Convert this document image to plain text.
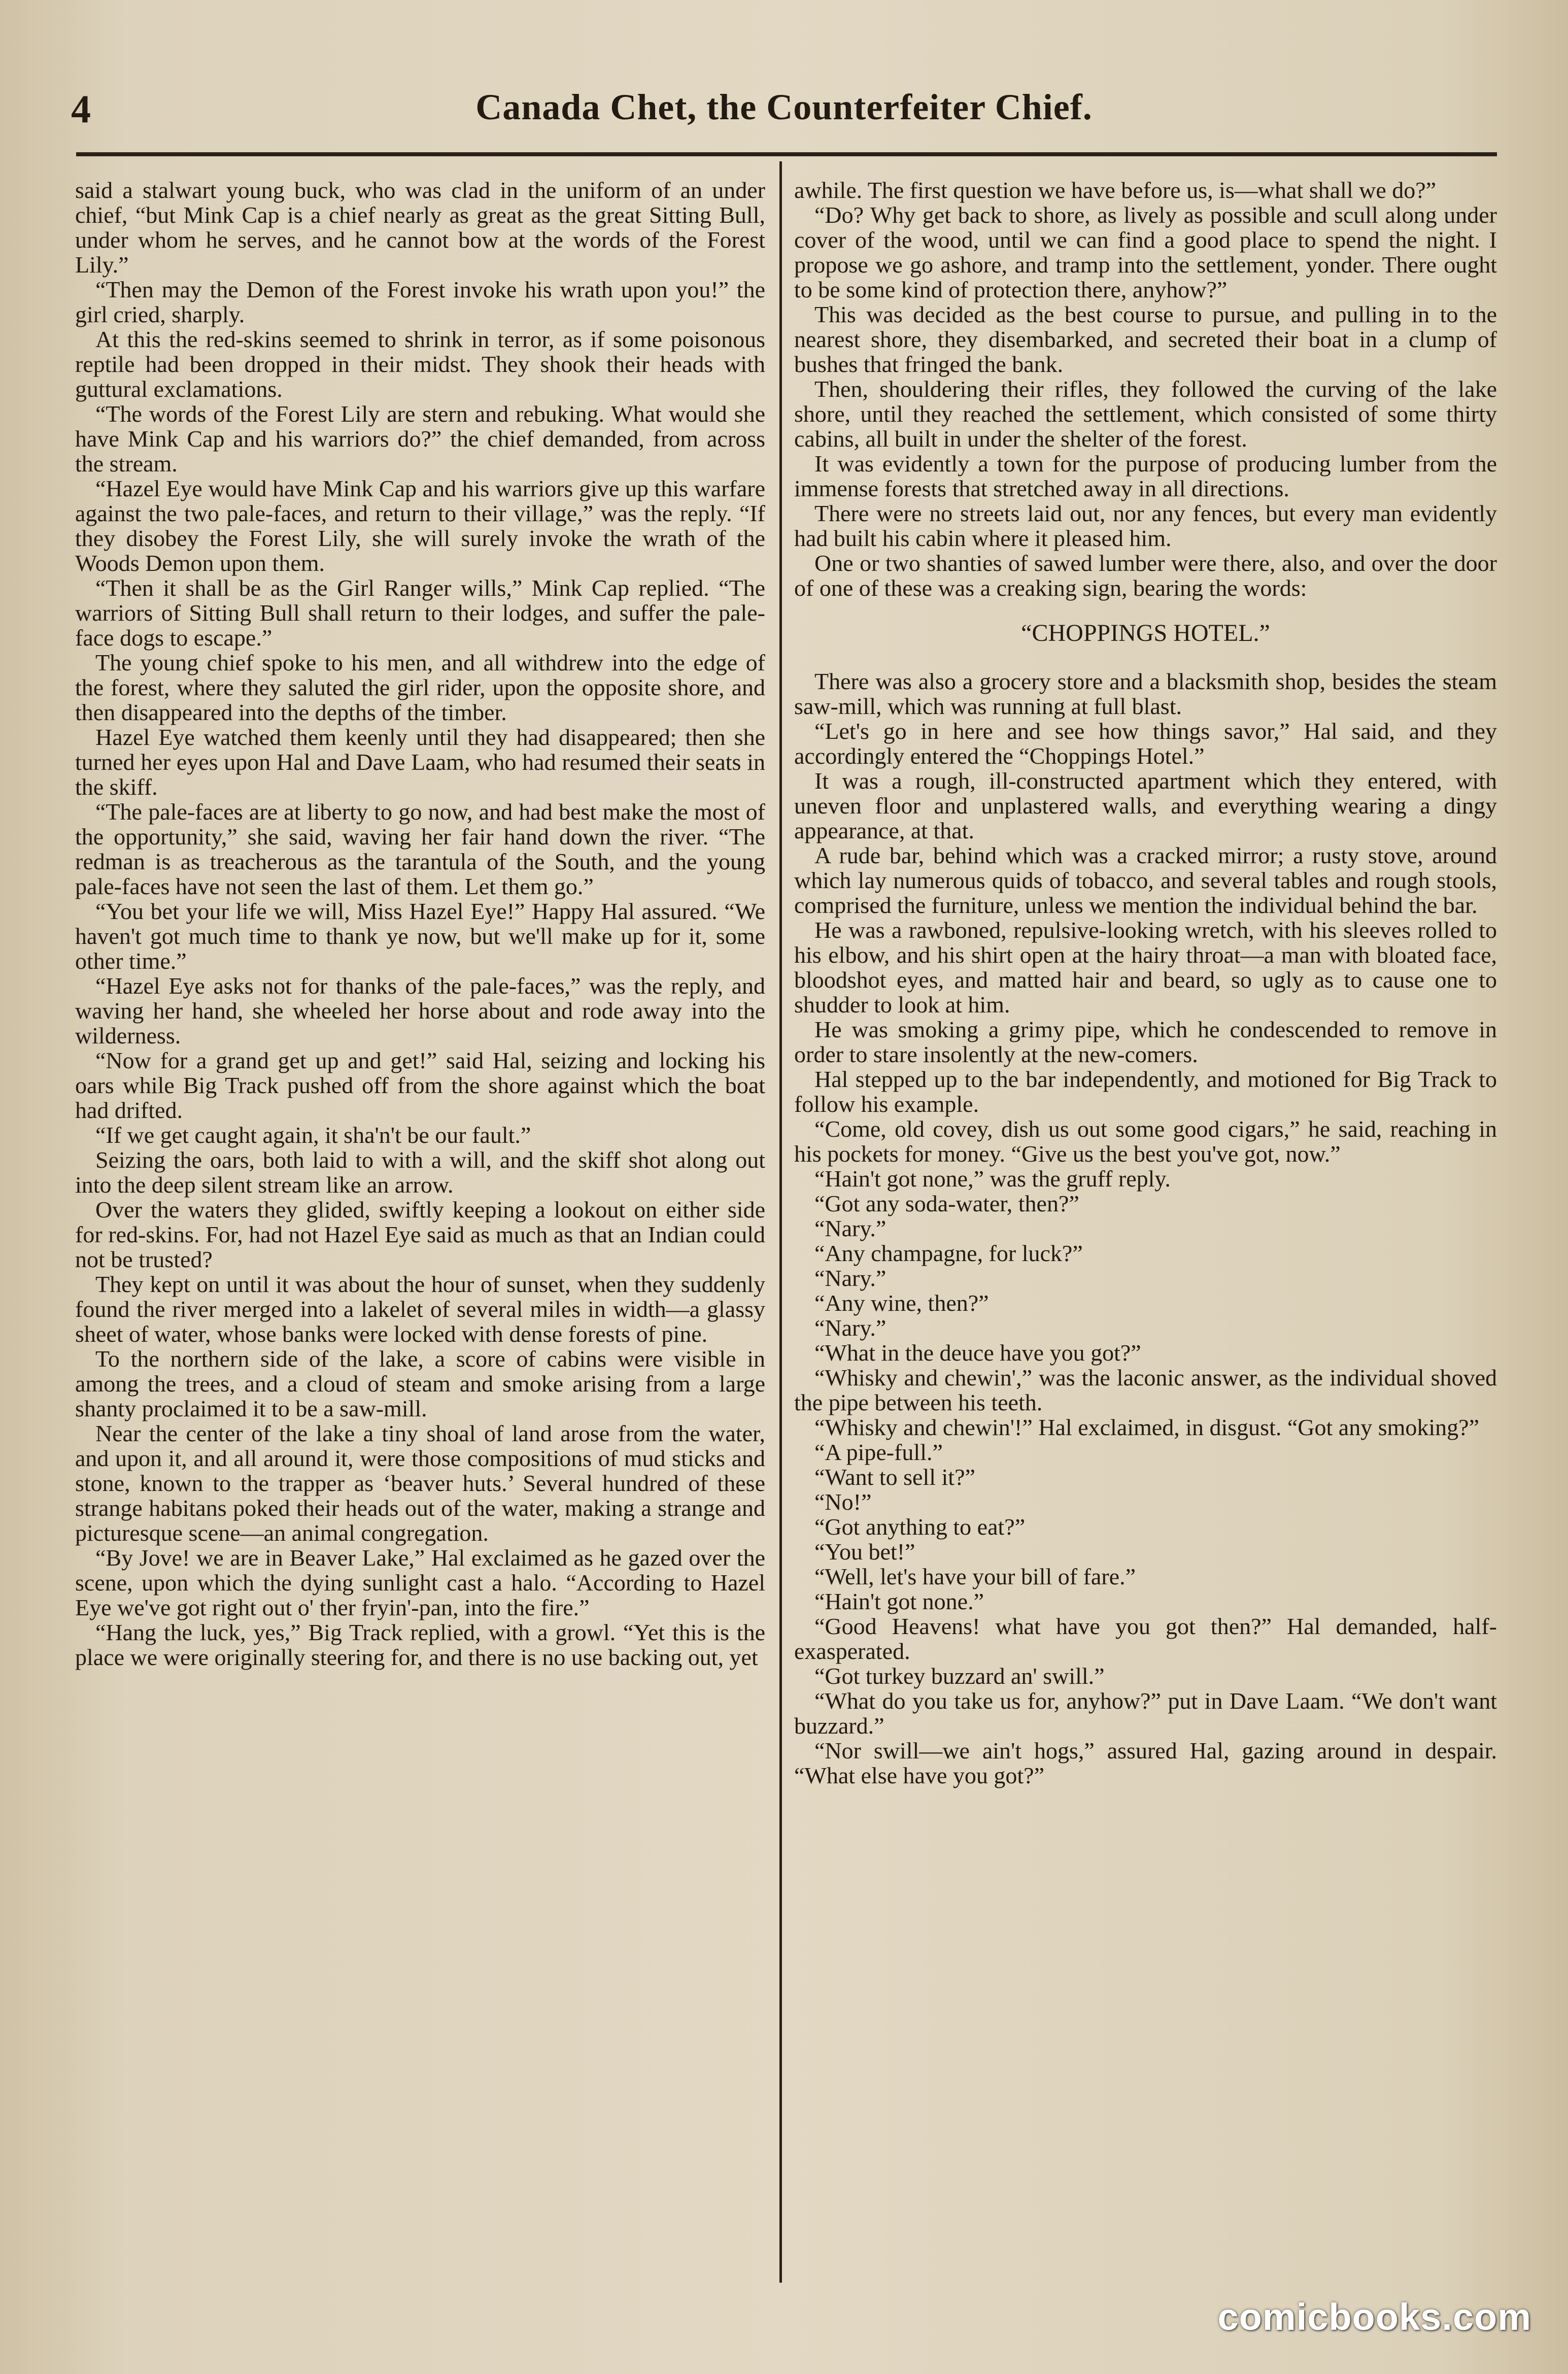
4	Canada Chet, the Counterfeiter Chief.

said a stalwart young buck, who was clad in the uniform of an under chief, “but Mink Cap is a chief nearly as great as the great Sitting Bull, under whom he serves, and he cannot bow at the words of the Forest Lily.”

“Then may the Demon of the Forest invoke his wrath upon you!” the girl cried, sharply.

At this the red-skins seemed to shrink in terror, as if some poisonous reptile had been dropped in their midst. They shook their heads with guttural exclamations.

“The words of the Forest Lily are stern and rebuking. What would she have Mink Cap and his warriors do?” the chief demanded, from across the stream.

“Hazel Eye would have Mink Cap and his warriors give up this warfare against the two pale-faces, and return to their village,” was the reply. “If they disobey the Forest Lily, she will surely invoke the wrath of the Woods Demon upon them.

“Then it shall be as the Girl Ranger wills,” Mink Cap replied. “The warriors of Sitting Bull shall return to their lodges, and suffer the pale-face dogs to escape.”

The young chief spoke to his men, and all withdrew into the edge of the forest, where they saluted the girl rider, upon the opposite shore, and then disappeared into the depths of the timber.

Hazel Eye watched them keenly until they had disappeared; then she turned her eyes upon Hal and Dave Laam, who had resumed their seats in the skiff.

“The pale-faces are at liberty to go now, and had best make the most of the opportunity,” she said, waving her fair hand down the river. “The redman is as treacherous as the tarantula of the South, and the young pale-faces have not seen the last of them. Let them go.”

“You bet your life we will, Miss Hazel Eye!” Happy Hal assured. “We haven't got much time to thank ye now, but we'll make up for it, some other time.”

“Hazel Eye asks not for thanks of the pale-faces,” was the reply, and waving her hand, she wheeled her horse about and rode away into the wilderness.

“Now for a grand get up and get!” said Hal, seizing and locking his oars while Big Track pushed off from the shore against which the boat had drifted.

“If we get caught again, it sha'n't be our fault.”

Seizing the oars, both laid to with a will, and the skiff shot along out into the deep silent stream like an arrow.

Over the waters they glided, swiftly keeping a lookout on either side for red-skins. For, had not Hazel Eye said as much as that an Indian could not be trusted?

They kept on until it was about the hour of sunset, when they suddenly found the river merged into a lakelet of several miles in width—a glassy sheet of water, whose banks were locked with dense forests of pine.

To the northern side of the lake, a score of cabins were visible in among the trees, and a cloud of steam and smoke arising from a large shanty proclaimed it to be a saw-mill.

Near the center of the lake a tiny shoal of land arose from the water, and upon it, and all around it, were those compositions of mud sticks and stone, known to the trapper as ‘beaver huts.’ Several hundred of these strange habitans poked their heads out of the water, making a strange and picturesque scene—an animal congregation.

“By Jove! we are in Beaver Lake,” Hal exclaimed as he gazed over the scene, upon which the dying sunlight cast a halo. “According to Hazel Eye we've got right out o' ther fryin'-pan, into the fire.”

“Hang the luck, yes,” Big Track replied, with a growl. “Yet this is the place we were originally steering for, and there is no use backing out, yet

awhile. The first question we have before us, is—what shall we do?”

“Do? Why get back to shore, as lively as possible and scull along under cover of the wood, until we can find a good place to spend the night. I propose we go ashore, and tramp into the settlement, yonder. There ought to be some kind of protection there, anyhow?”

This was decided as the best course to pursue, and pulling in to the nearest shore, they disembarked, and secreted their boat in a clump of bushes that fringed the bank.

Then, shouldering their rifles, they followed the curving of the lake shore, until they reached the settlement, which consisted of some thirty cabins, all built in under the shelter of the forest.

It was evidently a town for the purpose of producing lumber from the immense forests that stretched away in all directions.

There were no streets laid out, nor any fences, but every man evidently had built his cabin where it pleased him.

One or two shanties of sawed lumber were there, also, and over the door of one of these was a creaking sign, bearing the words:

“CHOPPINGS HOTEL.”

There was also a grocery store and a blacksmith shop, besides the steam saw-mill, which was running at full blast.

“Let's go in here and see how things savor,” Hal said, and they accordingly entered the “Choppings Hotel.”

It was a rough, ill-constructed apartment which they entered, with uneven floor and unplastered walls, and everything wearing a dingy appearance, at that.

A rude bar, behind which was a cracked mirror; a rusty stove, around which lay numerous quids of tobacco, and several tables and rough stools, comprised the furniture, unless we mention the individual behind the bar.

He was a rawboned, repulsive-looking wretch, with his sleeves rolled to his elbow, and his shirt open at the hairy throat—a man with bloated face, bloodshot eyes, and matted hair and beard, so ugly as to cause one to shudder to look at him.

He was smoking a grimy pipe, which he condescended to remove in order to stare insolently at the new-comers.

Hal stepped up to the bar independently, and motioned for Big Track to follow his example.

“Come, old covey, dish us out some good cigars,” he said, reaching in his pockets for money. “Give us the best you've got, now.”

“Hain't got none,” was the gruff reply.

“Got any soda-water, then?”

“Nary.”

“Any champagne, for luck?”

“Nary.”

“Any wine, then?”

“Nary.”

“What in the deuce have you got?”

“Whisky and chewin',” was the laconic answer, as the individual shoved the pipe between his teeth.

“Whisky and chewin'!” Hal exclaimed, in disgust. “Got any smoking?”

“A pipe-full.”

“Want to sell it?”

“No!”

“Got anything to eat?”

“You bet!”

“Well, let's have your bill of fare.”

“Hain't got none.”

“Good Heavens! what have you got then?” Hal demanded, half-exasperated.

“Got turkey buzzard an' swill.”

“What do you take us for, anyhow?” put in Dave Laam. “We don't want buzzard.”

“Nor swill—we ain't hogs,” assured Hal, gazing around in despair. “What else have you got?”

comicbooks.com
